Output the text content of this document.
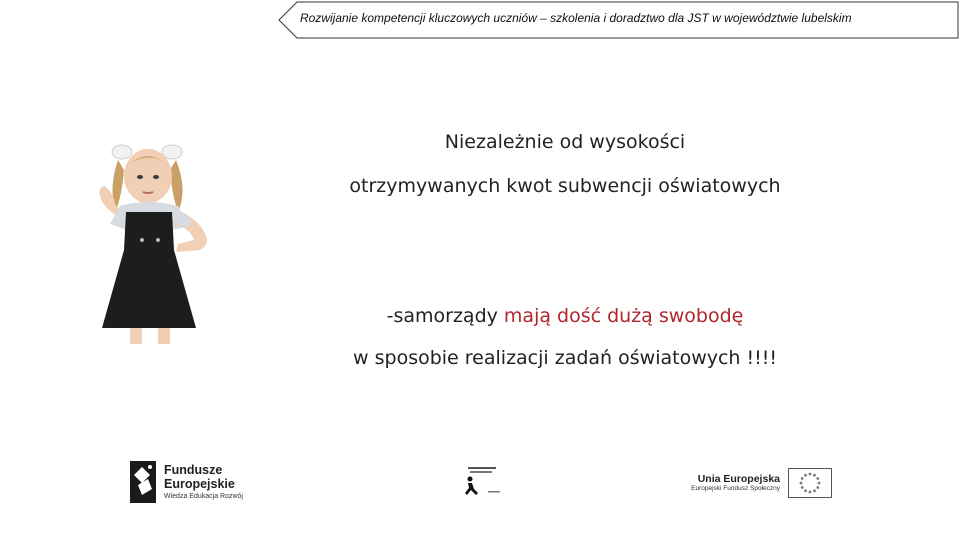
Rozwijanie kompetencji kluczowych uczniów – szkolenia i doradztwo dla JST w województwie lubelskim
Niezależnie od wysokości
otrzymywanych kwot subwencji oświatowych
-samorządy mają dość dużą swobodę
w sposobie realizacji zadań oświatowych !!!!
Fundusze
Europejskie
Wiedza Edukacja Rozwój
Unia Europejska
Europejski Fundusz Społeczny
